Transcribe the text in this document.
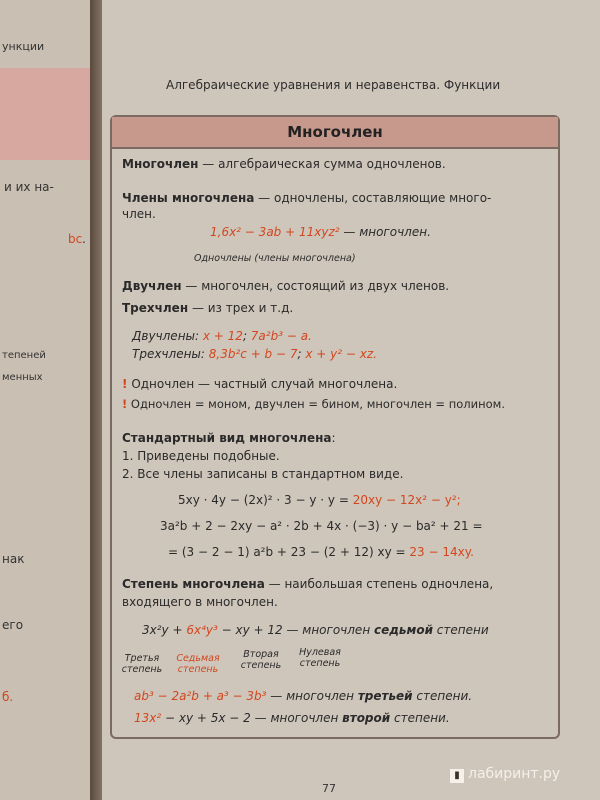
ункции
и их на-
bc .
тепеней
менных
нак
его
б.
Алгебраические уравнения и неравенства. Функции
Многочлен
Многочлен — алгебраическая сумма одночленов.
Члены многочлена — одночлены, составляющие много-
член.
1,6x² − 3ab + 11xyz² — многочлен.
Одночлены (члены многочлена)
Двучлен — многочлен, состоящий из двух членов.
Трехчлен — из трех и т.д.
Двучлены: x + 12; 7a²b³ − a.
Трехчлены: 8,3b²c + b − 7; x + y² − xz.
! Одночлен — частный случай многочлена.
! Одночлен = моном, двучлен = бином, многочлен = полином.
Стандартный вид многочлена:
1. Приведены подобные.
2. Все члены записаны в стандартном виде.
5xy · 4y − (2x)² · 3 − y · y = 20xy − 12x² − y²;
3a²b + 2 − 2xy − a² · 2b + 4x · (−3) · y − ba² + 21 =
= (3 − 2 − 1) a²b + 23 − (2 + 12) xy = 23 − 14xy.
Степень многочлена — наибольшая степень одночлена,
входящего в многочлен.
3x²y + 6x⁴y³ − xy + 12 — многочлен седьмой степени
Третья степень
Седьмая степень
Вторая степень
Нулевая степень
ab³ − 2a²b + a³ − 3b³ — многочлен третьей степени.
13x² − xy + 5x − 2 — многочлен второй степени.
77
▮ лабиринт.ру
